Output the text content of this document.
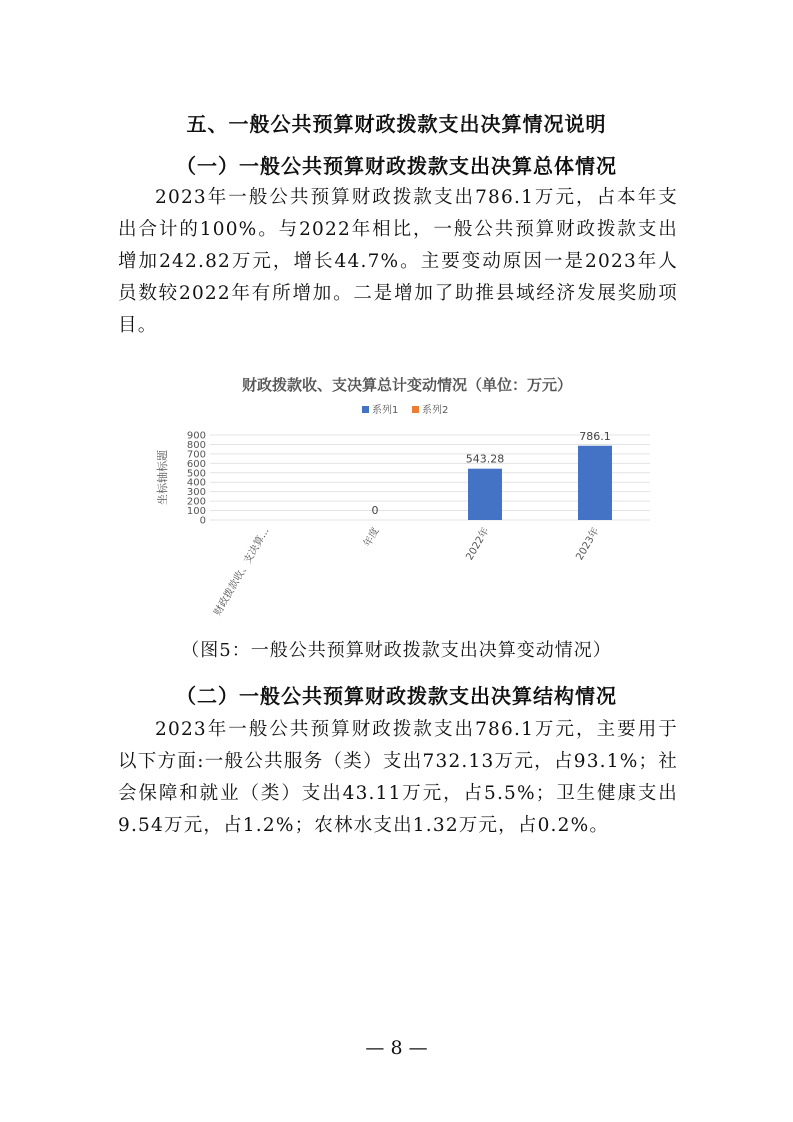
五、一般公共预算财政拨款支出决算情况说明
（一）一般公共预算财政拨款支出决算总体情况

2023年一般公共预算财政拨款支出786.1万元，占本年支出合计的100%。与2022年相比，一般公共预算财政拨款支出增加242.82万元，增长44.7%。主要变动原因一是2023年人员数较2022年有所增加。二是增加了助推县域经济发展奖励项目。

财政拨款收、支决算总计变动情况（单位：万元）
系列1 系列2
坐标轴标题
0
100
200
300
400
500
600
700
800
900
0
543.28
786.1
财政拨款收、支决算...	年度	2022年	2023年
（图5：一般公共预算财政拨款支出决算变动情况）
（二）一般公共预算财政拨款支出决算结构情况

2023年一般公共预算财政拨款支出786.1万元，主要用于以下方面:一般公共服务（类）支出732.13万元，占93.1%；社会保障和就业（类）支出43.11万元，占5.5%；卫生健康支出9.54万元，占1.2%；农林水支出1.32万元，占0.2%。

— 8 —
